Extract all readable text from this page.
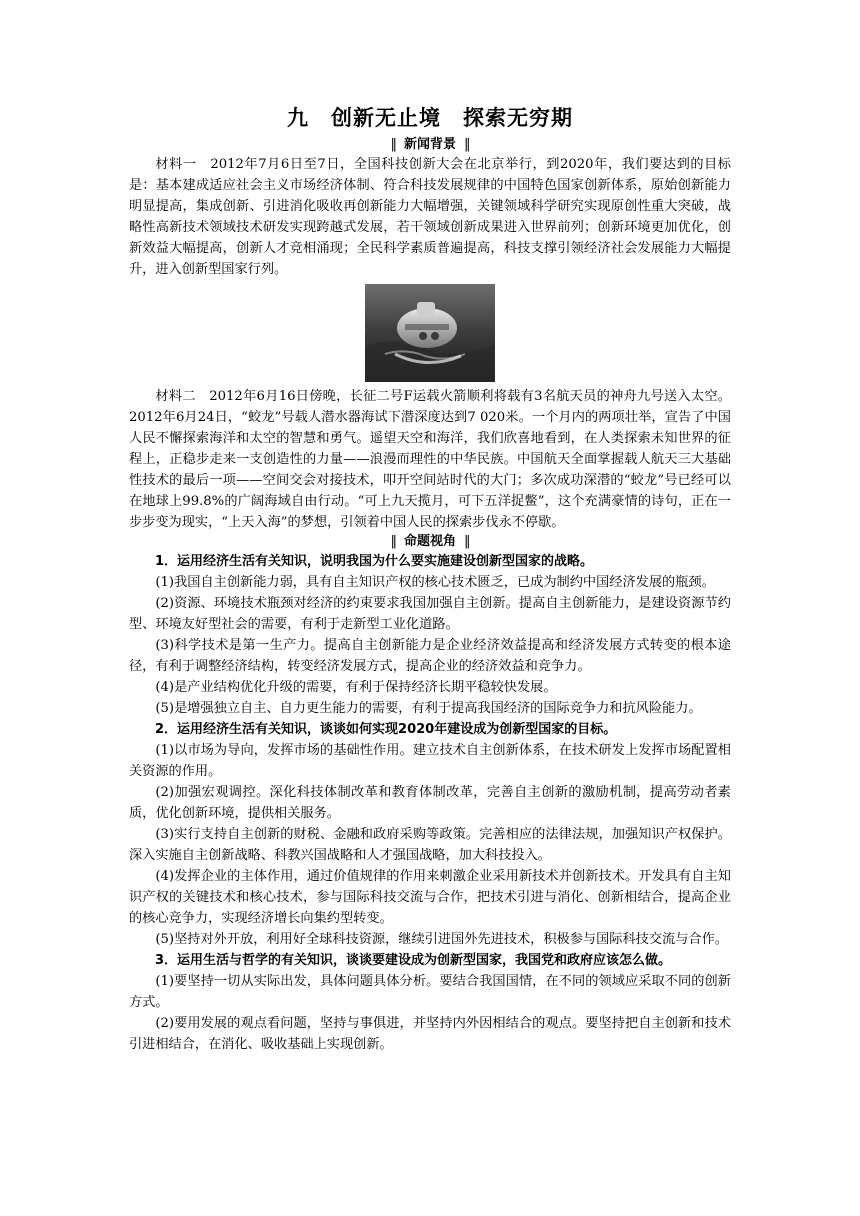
九　创新无止境　探索无穷期
‖ 新闻背景 ‖

材料一　2012年7月6日至7日，全国科技创新大会在北京举行，到2020年，我们要达到的目标是：基本建成适应社会主义市场经济体制、符合科技发展规律的中国特色国家创新体系，原始创新能力明显提高，集成创新、引进消化吸收再创新能力大幅增强，关键领域科学研究实现原创性重大突破，战略性高新技术领域技术研发实现跨越式发展，若干领域创新成果进入世界前列；创新环境更加优化，创新效益大幅提高，创新人才竞相涌现；全民科学素质普遍提高，科技支撑引领经济社会发展能力大幅提升，进入创新型国家行列。

材料二　2012年6月16日傍晚，长征二号F运载火箭顺利将载有3名航天员的神舟九号送入太空。2012年6月24日，“蛟龙”号载人潜水器海试下潜深度达到7 020米。一个月内的两项壮举，宣告了中国人民不懈探索海洋和太空的智慧和勇气。遥望天空和海洋，我们欣喜地看到，在人类探索未知世界的征程上，正稳步走来一支创造性的力量——浪漫而理性的中华民族。中国航天全面掌握载人航天三大基础性技术的最后一项——空间交会对接技术，叩开空间站时代的大门；多次成功深潜的“蛟龙”号已经可以在地球上99.8%的广阔海域自由行动。“可上九天揽月，可下五洋捉鳖”，这个充满豪情的诗句，正在一步步变为现实，“上天入海”的梦想，引领着中国人民的探索步伐永不停歇。

‖ 命题视角 ‖

1．运用经济生活有关知识，说明我国为什么要实施建设创新型国家的战略。

(1)我国自主创新能力弱，具有自主知识产权的核心技术匮乏，已成为制约中国经济发展的瓶颈。

(2)资源、环境技术瓶颈对经济的约束要求我国加强自主创新。提高自主创新能力，是建设资源节约型、环境友好型社会的需要，有利于走新型工业化道路。

(3)科学技术是第一生产力。提高自主创新能力是企业经济效益提高和经济发展方式转变的根本途径，有利于调整经济结构，转变经济发展方式，提高企业的经济效益和竞争力。

(4)是产业结构优化升级的需要，有利于保持经济长期平稳较快发展。

(5)是增强独立自主、自力更生能力的需要，有利于提高我国经济的国际竞争力和抗风险能力。

2．运用经济生活有关知识，谈谈如何实现2020年建设成为创新型国家的目标。

(1)以市场为导向，发挥市场的基础性作用。建立技术自主创新体系，在技术研发上发挥市场配置相关资源的作用。

(2)加强宏观调控。深化科技体制改革和教育体制改革，完善自主创新的激励机制，提高劳动者素质，优化创新环境，提供相关服务。

(3)实行支持自主创新的财税、金融和政府采购等政策。完善相应的法律法规，加强知识产权保护。深入实施自主创新战略、科教兴国战略和人才强国战略，加大科技投入。

(4)发挥企业的主体作用，通过价值规律的作用来刺激企业采用新技术并创新技术。开发具有自主知识产权的关键技术和核心技术，参与国际科技交流与合作，把技术引进与消化、创新相结合，提高企业的核心竞争力，实现经济增长向集约型转变。

(5)坚持对外开放，利用好全球科技资源，继续引进国外先进技术，积极参与国际科技交流与合作。

3．运用生活与哲学的有关知识，谈谈要建设成为创新型国家，我国党和政府应该怎么做。

(1)要坚持一切从实际出发，具体问题具体分析。要结合我国国情，在不同的领域应采取不同的创新方式。

(2)要用发展的观点看问题，坚持与事俱进，并坚持内外因相结合的观点。要坚持把自主创新和技术引进相结合，在消化、吸收基础上实现创新。
